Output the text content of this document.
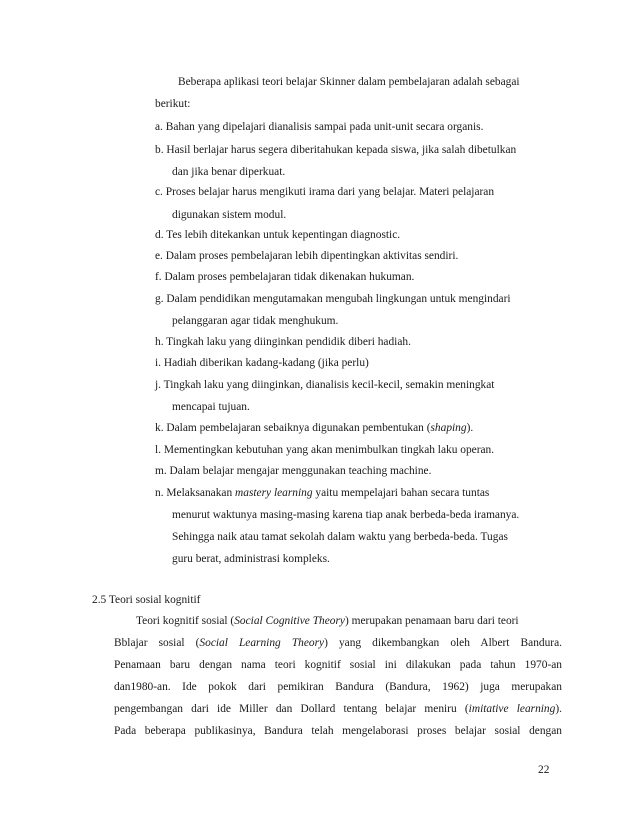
Beberapa aplikasi teori belajar Skinner dalam pembelajaran adalah sebagai
berikut:
a. Bahan yang dipelajari dianalisis sampai pada unit-unit secara organis.
b. Hasil berlajar harus segera diberitahukan kepada siswa, jika salah dibetulkan
dan jika benar diperkuat.
c. Proses belajar harus mengikuti irama dari yang belajar. Materi pelajaran
digunakan sistem modul.
d. Tes lebih ditekankan untuk kepentingan diagnostic.
e. Dalam proses pembelajaran lebih dipentingkan aktivitas sendiri.
f. Dalam proses pembelajaran tidak dikenakan hukuman.
g. Dalam pendidikan mengutamakan mengubah lingkungan untuk mengindari
pelanggaran agar tidak menghukum.
h. Tingkah laku yang diinginkan pendidik diberi hadiah.
i. Hadiah diberikan kadang-kadang (jika perlu)
j. Tingkah laku yang diinginkan, dianalisis kecil-kecil, semakin meningkat
mencapai tujuan.
k. Dalam pembelajaran sebaiknya digunakan pembentukan (shaping).
l. Mementingkan kebutuhan yang akan menimbulkan tingkah laku operan.
m. Dalam belajar mengajar menggunakan teaching machine.
n. Melaksanakan mastery learning yaitu mempelajari bahan secara tuntas
menurut waktunya masing-masing karena tiap anak berbeda-beda iramanya.
Sehingga naik atau tamat sekolah dalam waktu yang berbeda-beda. Tugas
guru berat, administrasi kompleks.
2.5 Teori sosial kognitif
Teori kognitif sosial (Social Cognitive Theory) merupakan penamaan baru dari teori
Bblajar sosial (Social Learning Theory) yang dikembangkan oleh Albert Bandura.
Penamaan baru dengan nama teori kognitif sosial ini dilakukan pada tahun 1970-an
dan1980-an. Ide pokok dari pemikiran Bandura (Bandura, 1962) juga merupakan
pengembangan dari ide Miller dan Dollard tentang belajar meniru (imitative learning).
Pada beberapa publikasinya, Bandura telah mengelaborasi proses belajar sosial dengan
22
